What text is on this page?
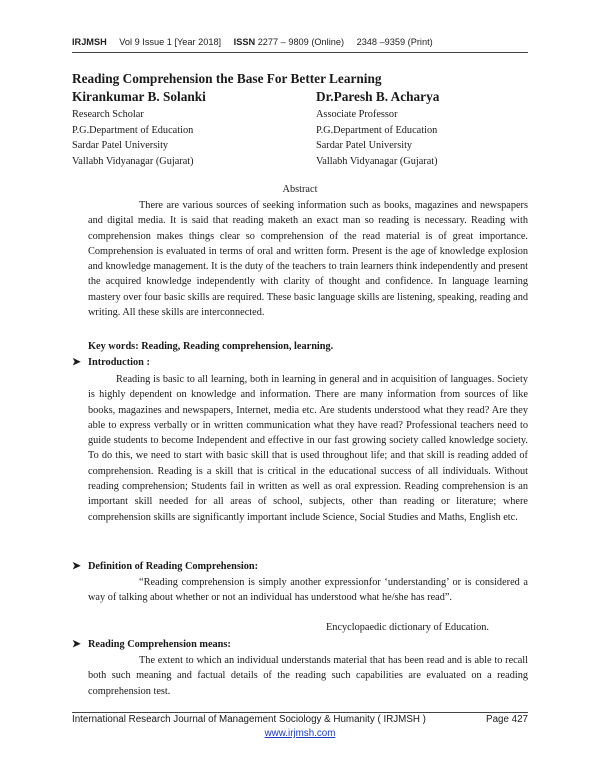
IRJMSH Vol 9 Issue 1 [Year 2018] ISSN 2277 – 9809 (Online) 2348 –9359 (Print)
Reading Comprehension the Base For Better Learning
Kirankumar B. Solanki	Dr.Paresh B. Acharya
Research Scholar
P.G.Department of Education
Sardar Patel University
Vallabh Vidyanagar (Gujarat)
Associate Professor
P.G.Department of Education
Sardar Patel University
Vallabh Vidyanagar (Gujarat)
Abstract

There are various sources of seeking information such as books, magazines and newspapers and digital media. It is said that reading maketh an exact man so reading is necessary. Reading with comprehension makes things clear so comprehension of the read material is of great importance. Comprehension is evaluated in terms of oral and written form. Present is the age of knowledge explosion and knowledge management. It is the duty of the teachers to train learners think independently and present the acquired knowledge independently with clarity of thought and confidence. In language learning mastery over four basic skills are required. These basic language skills are listening, speaking, reading and writing. All these skills are interconnected.

Key words: Reading, Reading comprehension, learning.
➤ Introduction :

Reading is basic to all learning, both in learning in general and in acquisition of languages. Society is highly dependent on knowledge and information. There are many information from sources of like books, magazines and newspapers, Internet, media etc. Are students understood what they read? Are they able to express verbally or in written communication what they have read? Professional teachers need to guide students to become Independent and effective in our fast growing society called knowledge society. To do this, we need to start with basic skill that is used throughout life; and that skill is reading added of comprehension. Reading is a skill that is critical in the educational success of all individuals. Without reading comprehension; Students fail in written as well as oral expression. Reading comprehension is an important skill needed for all areas of school, subjects, other than reading or literature; where comprehension skills are significantly important include Science, Social Studies and Maths, English etc.

➤ Definition of Reading Comprehension:

“Reading comprehension is simply another expressionfor ‘understanding’ or is considered a way of talking about whether or not an individual has understood what he/she has read”.

Encyclopaedic dictionary of Education.
➤ Reading Comprehension means:

The extent to which an individual understands material that has been read and is able to recall both such meaning and factual details of the reading such capabilities are evaluated on a reading comprehension test.

International Research Journal of Management Sociology & Humanity ( IRJMSH )	Page 427
www.irjmsh.com
